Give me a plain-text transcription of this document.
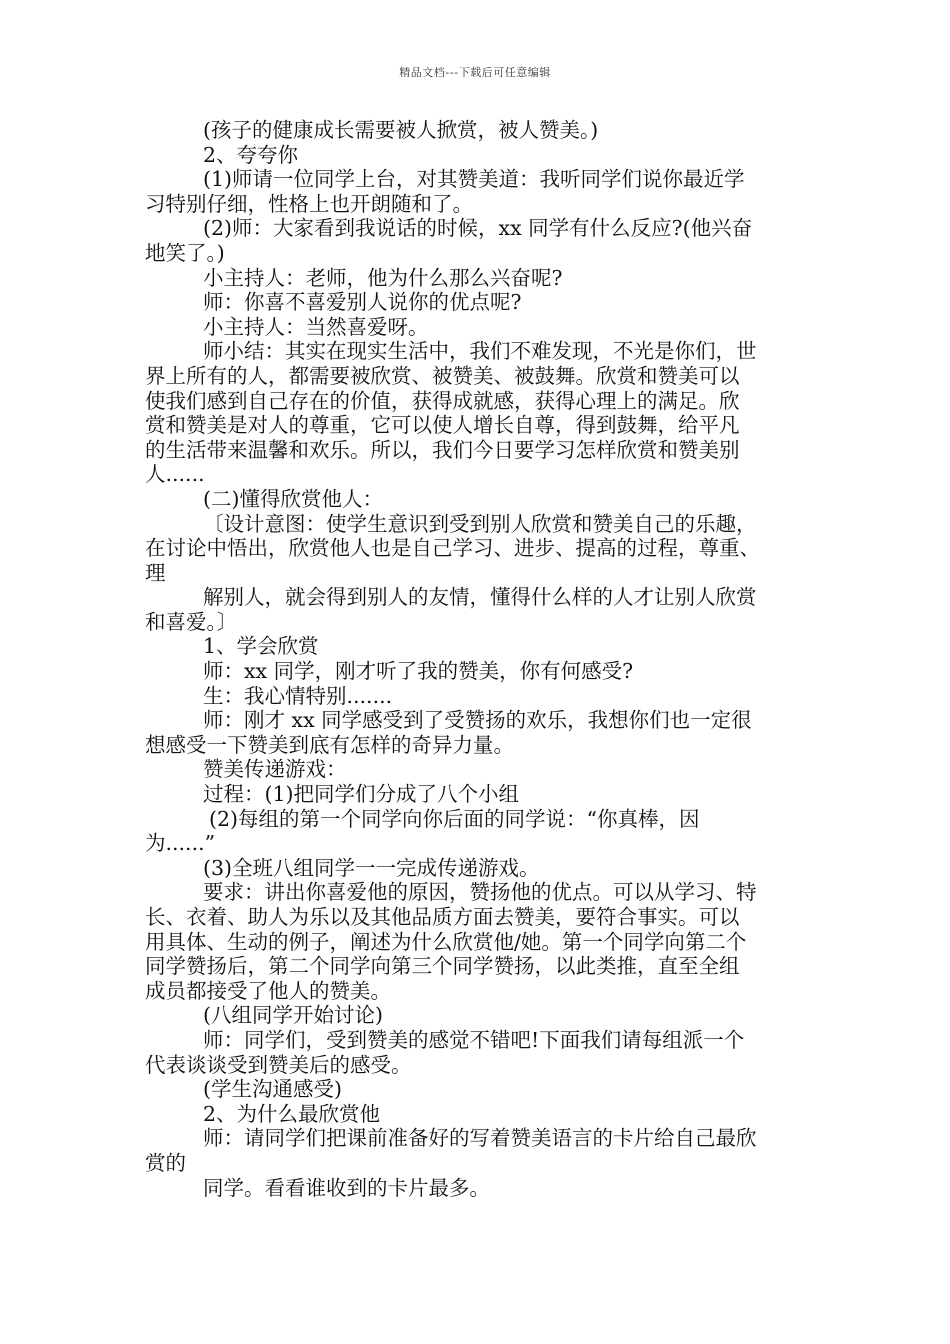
精品文档---下载后可任意编辑
(孩子的健康成长需要被人掀赏，被人赞美。)
2、夸夸你
(1)师请一位同学上台，对其赞美道：我听同学们说你最近学
习特别仔细，性格上也开朗随和了。
(2)师：大家看到我说话的时候，xx 同学有什么反应?(他兴奋
地笑了。)
小主持人：老师，他为什么那么兴奋呢?
师：你喜不喜爱别人说你的优点呢?
小主持人：当然喜爱呀。
师小结：其实在现实生活中，我们不难发现，不光是你们，世
界上所有的人，都需要被欣赏、被赞美、被鼓舞。欣赏和赞美可以
使我们感到自己存在的价值，获得成就感，获得心理上的满足。欣
赏和赞美是对人的尊重，它可以使人增长自尊，得到鼓舞，给平凡
的生活带来温馨和欢乐。所以，我们今日要学习怎样欣赏和赞美别
人......
(二)懂得欣赏他人：
〔设计意图：使学生意识到受到别人欣赏和赞美自己的乐趣，
在讨论中悟出，欣赏他人也是自己学习、进步、提高的过程，尊重、
理
解别人，就会得到别人的友情，懂得什么样的人才让别人欣赏
和喜爱。〕
1、学会欣赏
师：xx 同学，刚才听了我的赞美，你有何感受?
生：我心情特别.......
师：刚才 xx 同学感受到了受赞扬的欢乐，我想你们也一定很
想感受一下赞美到底有怎样的奇异力量。
赞美传递游戏：
过程：(1)把同学们分成了八个小组
(2)每组的第一个同学向你后面的同学说：“你真棒，因
为......”
(3)全班八组同学一一完成传递游戏。
要求：讲出你喜爱他的原因，赞扬他的优点。可以从学习、特
长、衣着、助人为乐以及其他品质方面去赞美，要符合事实。可以
用具体、生动的例子，阐述为什么欣赏他/她。第一个同学向第二个
同学赞扬后，第二个同学向第三个同学赞扬，以此类推，直至全组
成员都接受了他人的赞美。
(八组同学开始讨论)
师：同学们，受到赞美的感觉不错吧!下面我们请每组派一个
代表谈谈受到赞美后的感受。
(学生沟通感受)
2、为什么最欣赏他
师：请同学们把课前准备好的写着赞美语言的卡片给自己最欣
赏的
同学。看看谁收到的卡片最多。
